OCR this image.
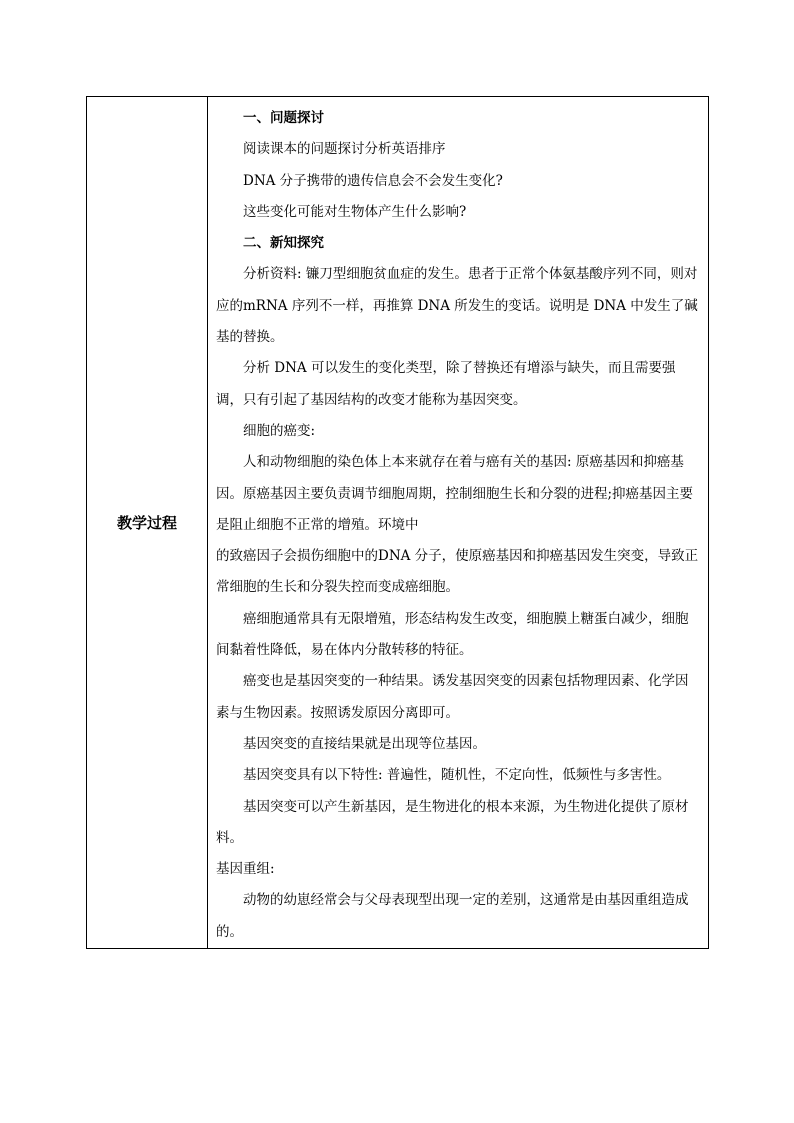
教学过程	

一、问题探讨

阅读课本的问题探讨分析英语排序

DNA 分子携带的遗传信息会不会发生变化?

这些变化可能对生物体产生什么影响?

二、新知探究

分析资料: 镰刀型细胞贫血症的发生。患者于正常个体氨基酸序列不同，则对应的mRNA 序列不一样，再推算 DNA 所发生的变话。说明是 DNA 中发生了碱基的替换。

分析 DNA 可以发生的变化类型，除了替换还有增添与缺失，而且需要强调，只有引起了基因结构的改变才能称为基因突变。

细胞的癌变:

人和动物细胞的染色体上本来就存在着与癌有关的基因: 原癌基因和抑癌基因。原癌基因主要负责调节细胞周期，控制细胞生长和分裂的进程;抑癌基因主要是阻止细胞不正常的增殖。环境中

的致癌因子会损伤细胞中的DNA 分子，使原癌基因和抑癌基因发生突变，导致正常细胞的生长和分裂失控而变成癌细胞。

癌细胞通常具有无限增殖，形态结构发生改变，细胞膜上糖蛋白减少，细胞间黏着性降低，易在体内分散转移的特征。

癌变也是基因突变的一种结果。诱发基因突变的因素包括物理因素、化学因素与生物因素。按照诱发原因分离即可。

基因突变的直接结果就是出现等位基因。

基因突变具有以下特性: 普遍性，随机性，不定向性，低频性与多害性。

基因突变可以产生新基因，是生物进化的根本来源，为生物进化提供了原材料。

基因重组:

动物的幼崽经常会与父母表现型出现一定的差别，这通常是由基因重组造成的。
